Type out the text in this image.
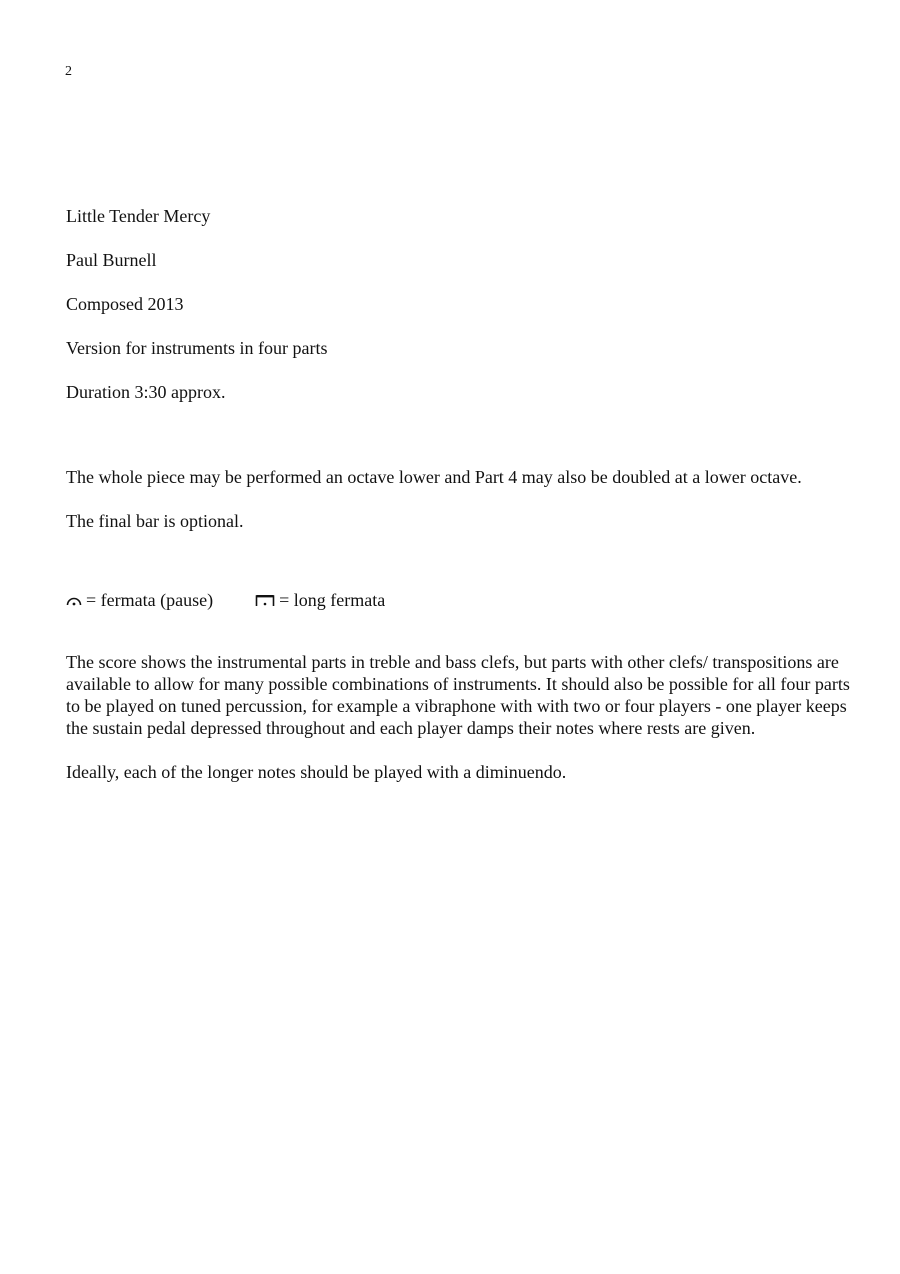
2

Little Tender Mercy

Paul Burnell

Composed 2013

Version for instruments in four parts

Duration 3:30 approx.

The whole piece may be performed an octave lower and Part 4 may also be doubled at a lower octave.

The final bar is optional.

= fermata (pause)	= long fermata

The score shows the instrumental parts in treble and bass clefs, but parts with other clefs/ transpositions are available to allow for many possible combinations of instruments. It should also be possible for all four parts to be played on tuned percussion, for example a vibraphone with with two or four players - one player keeps the sustain pedal depressed throughout and each player damps their notes where rests are given.

Ideally, each of the longer notes should be played with a diminuendo.
